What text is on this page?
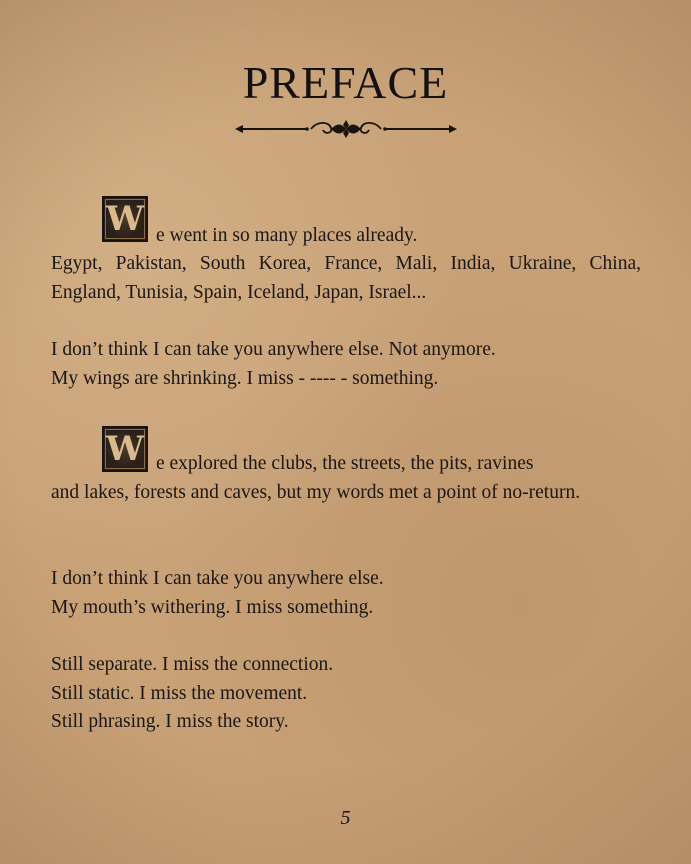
PREFACE
W e went in so many places already.
Egypt, Pakistan, South Korea, France, Mali, India, Ukraine, China, England, Tunisia, Spain, Iceland, Japan, Israel...
I don’t think I can take you anywhere else. Not anymore.
My wings are shrinking. I miss - ---- - something.
W e explored the clubs, the streets, the pits, ravines
and lakes, forests and caves, but my words met a point of no-return.
I don’t think I can take you anywhere else.
My mouth’s withering. I miss something.
Still separate. I miss the connection.
Still static. I miss the movement.
Still phrasing. I miss the story.
5
